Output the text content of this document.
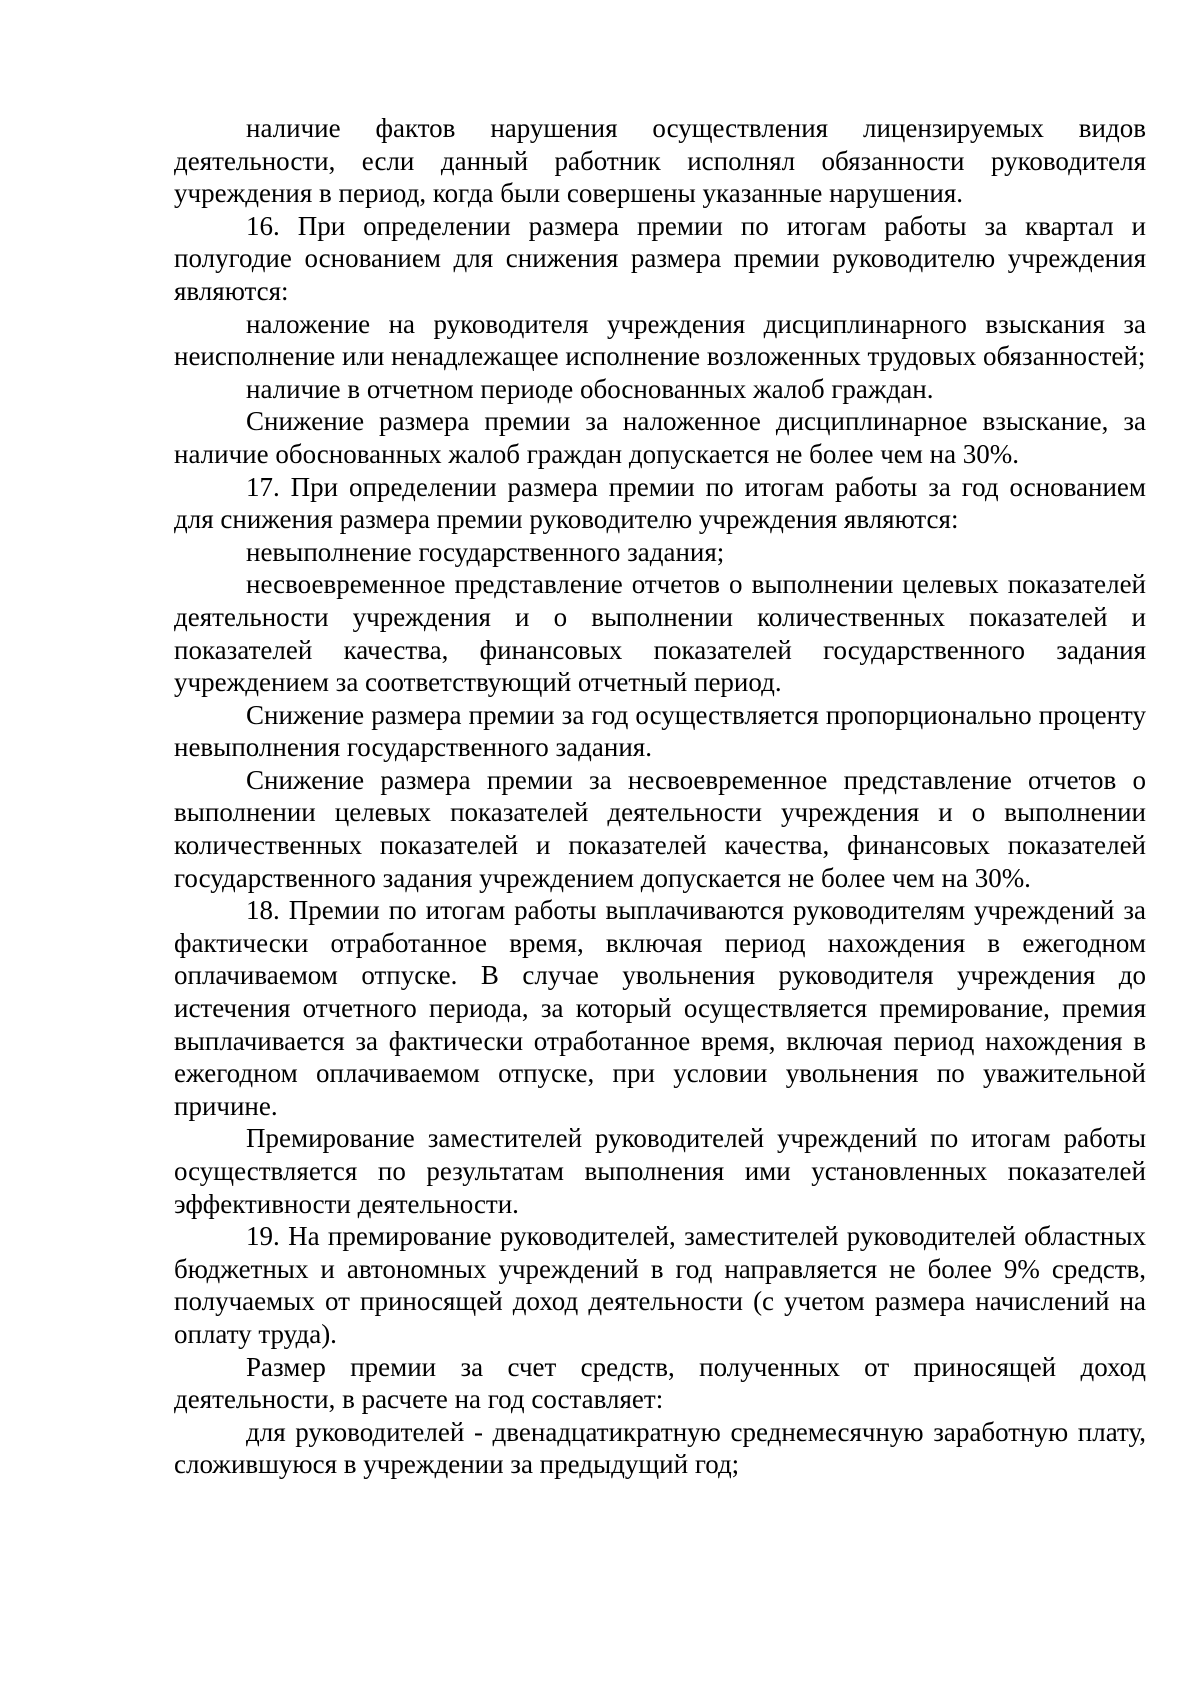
наличие фактов нарушения осуществления лицензируемых видов деятельности, если данный работник исполнял обязанности руководителя учреждения в период, когда были совершены указанные нарушения.

16. При определении размера премии по итогам работы за квартал и полугодие основанием для снижения размера премии руководителю учреждения являются:

наложение на руководителя учреждения дисциплинарного взыскания за неисполнение или ненадлежащее исполнение возложенных трудовых обязанностей;

наличие в отчетном периоде обоснованных жалоб граждан.

Снижение размера премии за наложенное дисциплинарное взыскание, за наличие обоснованных жалоб граждан допускается не более чем на 30%.

17. При определении размера премии по итогам работы за год основанием для снижения размера премии руководителю учреждения являются:

невыполнение государственного задания;

несвоевременное представление отчетов о выполнении целевых показателей деятельности учреждения и о выполнении количественных показателей и показателей качества, финансовых показателей государственного задания учреждением за соответствующий отчетный период.

Снижение размера премии за год осуществляется пропорционально проценту невыполнения государственного задания.

Снижение размера премии за несвоевременное представление отчетов о выполнении целевых показателей деятельности учреждения и о выполнении количественных показателей и показателей качества, финансовых показателей государственного задания учреждением допускается не более чем на 30%.

18. Премии по итогам работы выплачиваются руководителям учреждений за фактически отработанное время, включая период нахождения в ежегодном оплачиваемом отпуске. В случае увольнения руководителя учреждения до истечения отчетного периода, за который осуществляется премирование, премия выплачивается за фактически отработанное время, включая период нахождения в ежегодном оплачиваемом отпуске, при условии увольнения по уважительной причине.

Премирование заместителей руководителей учреждений по итогам работы осуществляется по результатам выполнения ими установленных показателей эффективности деятельности.

19. На премирование руководителей, заместителей руководителей областных бюджетных и автономных учреждений в год направляется не более 9% средств, получаемых от приносящей доход деятельности (с учетом размера начислений на оплату труда).

Размер премии за счет средств, полученных от приносящей доход деятельности, в расчете на год составляет:

для руководителей - двенадцатикратную среднемесячную заработную плату, сложившуюся в учреждении за предыдущий год;
